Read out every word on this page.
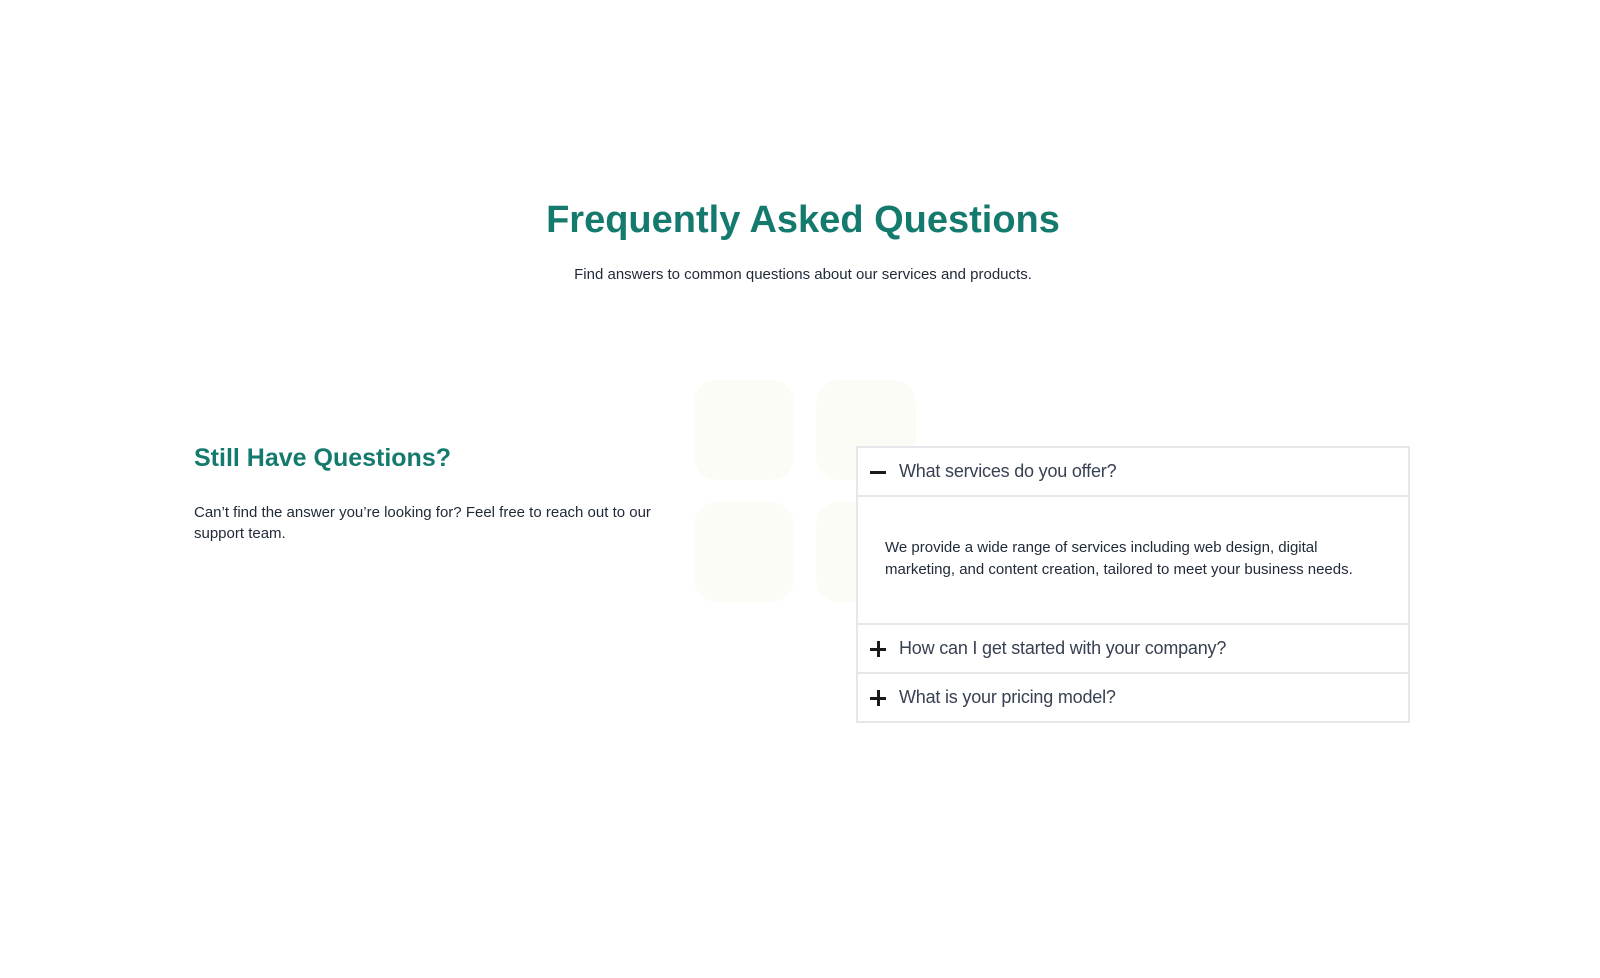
Frequently Asked Questions

Find answers to common questions about our services and products.

Still Have Questions?

Can’t find the answer you’re looking for? Feel free to reach out to our support team.

What services do you offer?

We provide a wide range of services including web design, digital marketing, and content creation, tailored to meet your business needs.

How can I get started with your company?
What is your pricing model?
